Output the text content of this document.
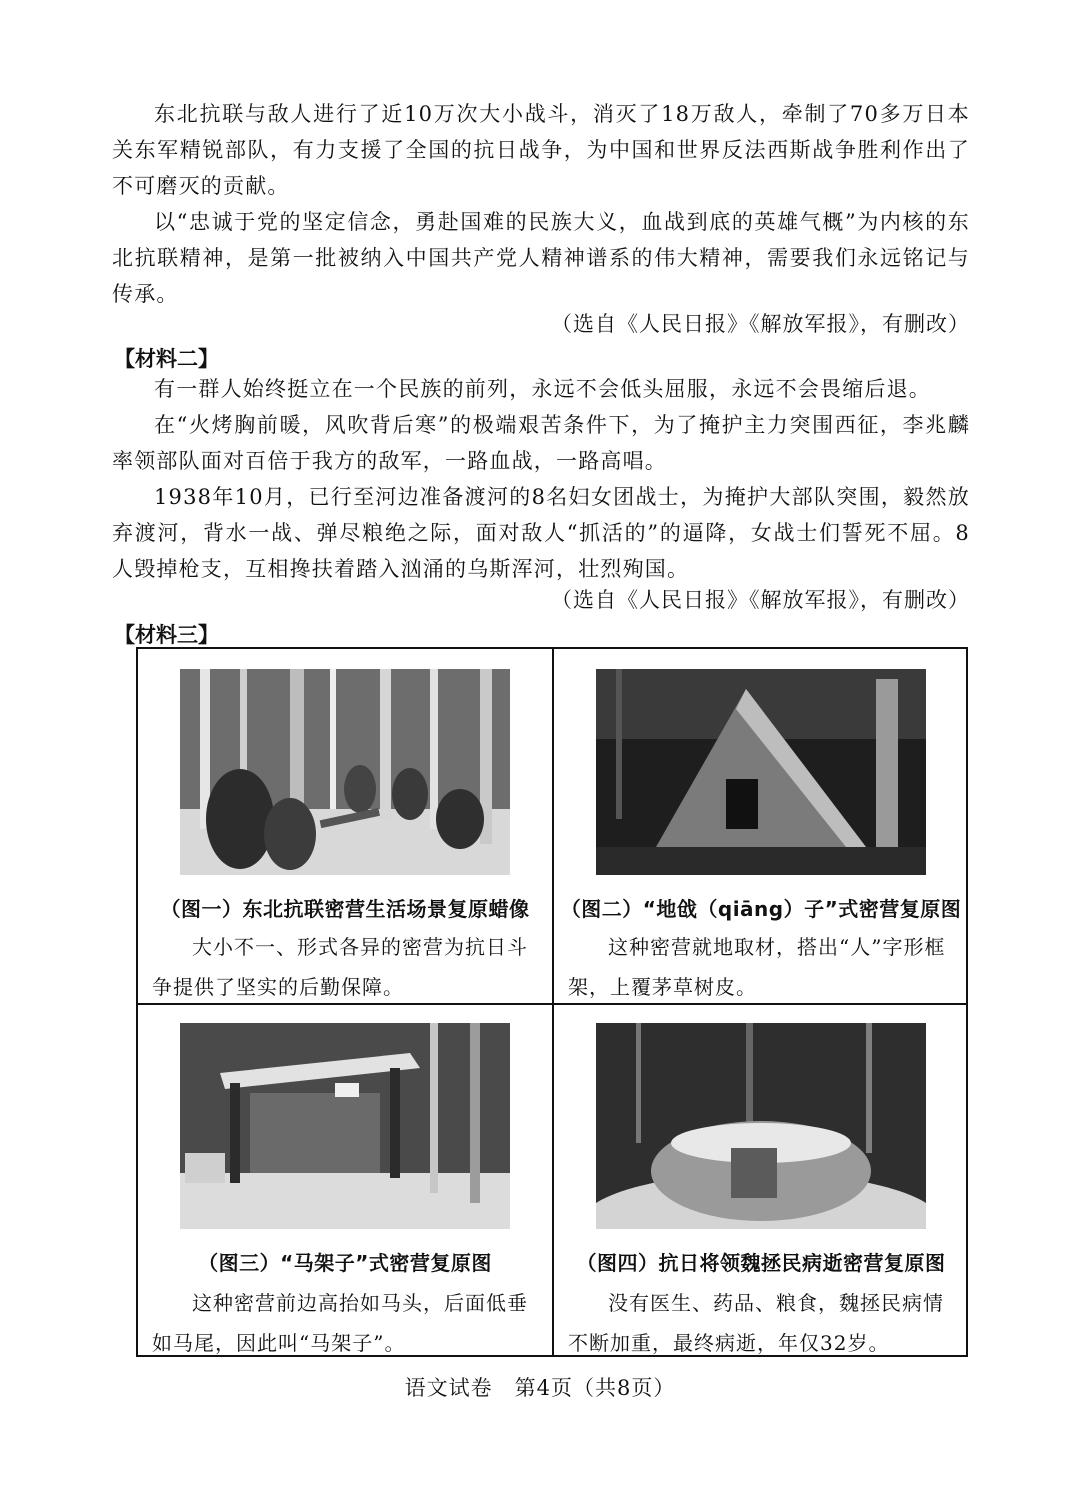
东北抗联与敌人进行了近10万次大小战斗，消灭了18万敌人，牵制了70多万日本关东军精锐部队，有力支援了全国的抗日战争，为中国和世界反法西斯战争胜利作出了不可磨灭的贡献。

以“忠诚于党的坚定信念，勇赴国难的民族大义，血战到底的英雄气概”为内核的东北抗联精神，是第一批被纳入中国共产党人精神谱系的伟大精神，需要我们永远铭记与传承。

（选自《人民日报》《解放军报》，有删改）
【材料二】

有一群人始终挺立在一个民族的前列，永远不会低头屈服，永远不会畏缩后退。

在“火烤胸前暖，风吹背后寒”的极端艰苦条件下，为了掩护主力突围西征，李兆麟率领部队面对百倍于我方的敌军，一路血战，一路高唱。

1938年10月，已行至河边准备渡河的8名妇女团战士，为掩护大部队突围，毅然放弃渡河，背水一战、弹尽粮绝之际，面对敌人“抓活的”的逼降，女战士们誓死不屈。8人毁掉枪支，互相搀扶着踏入汹涌的乌斯浑河，壮烈殉国。

（选自《人民日报》《解放军报》，有删改）
【材料三】
（图一）东北抗联密营生活场景复原蜡像
大小不一、形式各异的密营为抗日斗争提供了坚实的后勤保障。
（图二）“地戗（qiāng）子”式密营复原图
这种密营就地取材，搭出“人”字形框架，上覆茅草树皮。
（图三）“马架子”式密营复原图
这种密营前边高抬如马头，后面低垂如马尾，因此叫“马架子”。
（图四）抗日将领魏拯民病逝密营复原图
没有医生、药品、粮食，魏拯民病情不断加重，最终病逝，年仅32岁。
语文试卷　第4页（共8页）
